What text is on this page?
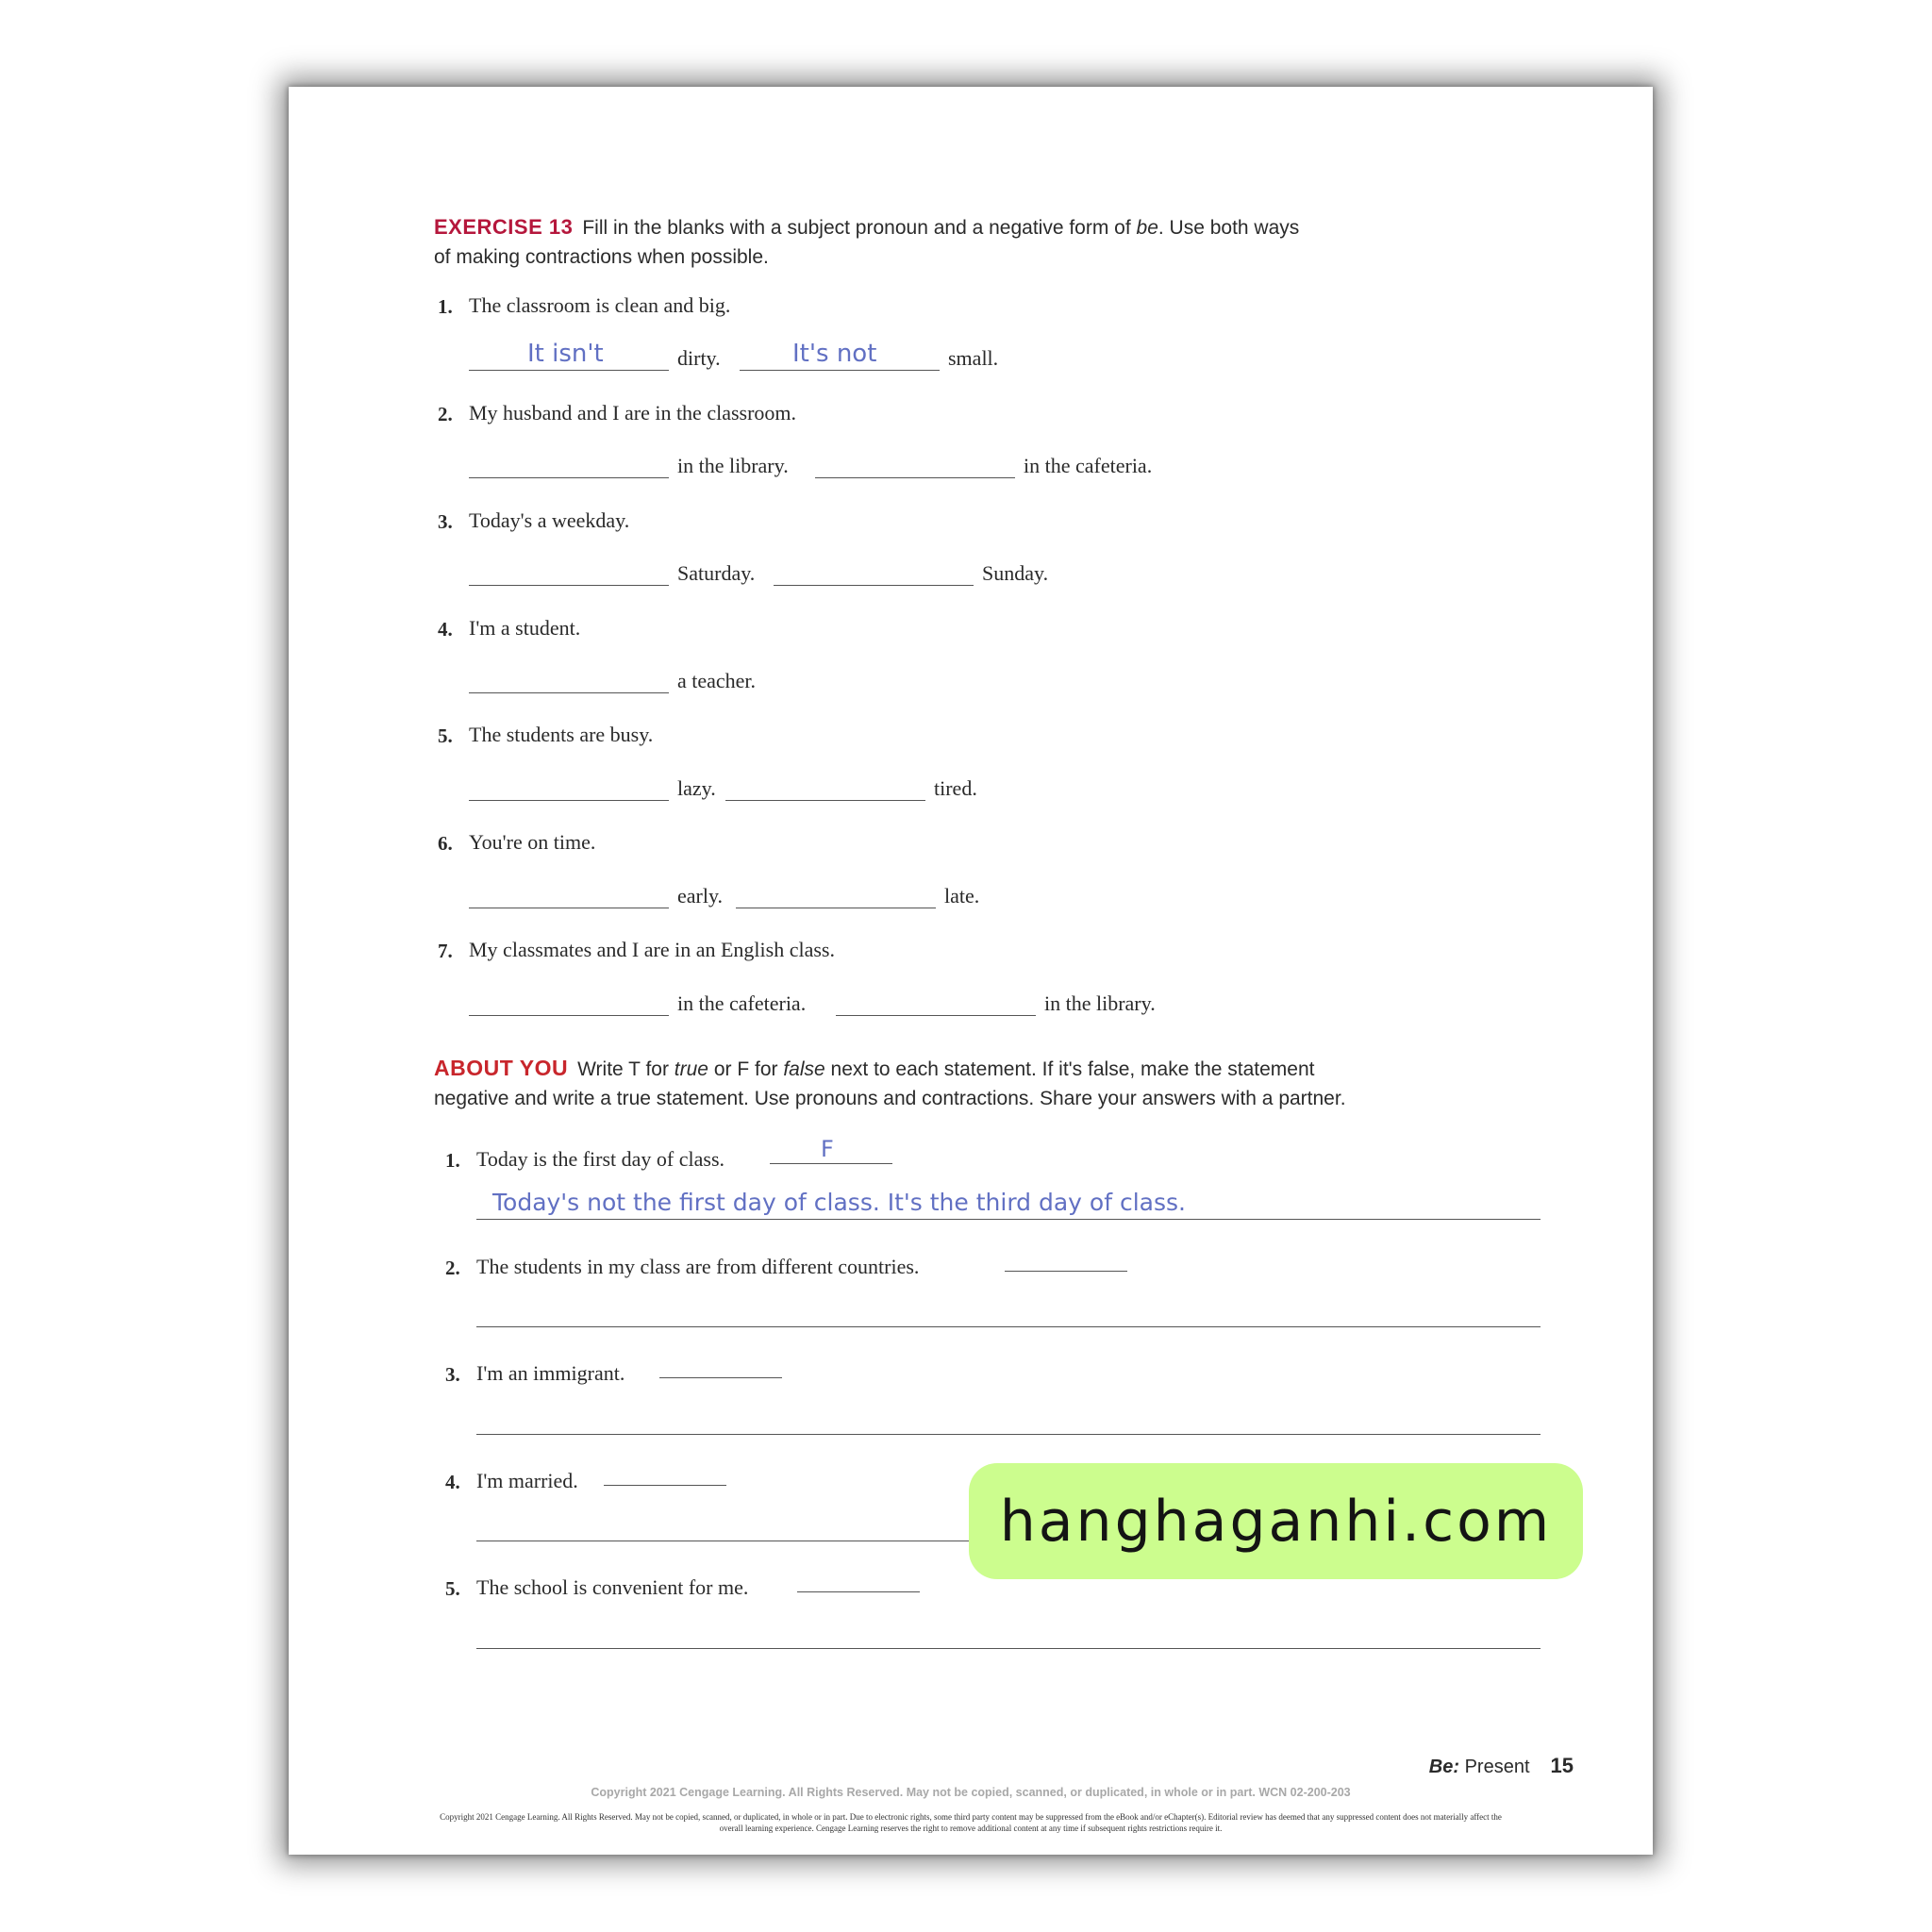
EXERCISE 13 Fill in the blanks with a subject pronoun and a negative form of be. Use both ways
of making contractions when possible.
1. The classroom is clean and big.
It isn't	dirty.	It's not	small.
2. My husband and I are in the classroom.
in the library.	in the cafeteria.
3. Today's a weekday.
Saturday.	Sunday.
4. I'm a student.
a teacher.
5. The students are busy.
lazy.	tired.
6. You're on time.
early.	late.
7. My classmates and I are in an English class.
in the cafeteria.	in the library.
ABOUT YOU Write T for true or F for false next to each statement. If it's false, make the statement
negative and write a true statement. Use pronouns and contractions. Share your answers with a partner.
1. Today is the first day of class.	F
Today's not the first day of class. It's the third day of class.
2. The students in my class are from different countries.
3. I'm an immigrant.
4. I'm married.
5. The school is convenient for me.
Be: Present 15
Copyright 2021 Cengage Learning. All Rights Reserved. May not be copied, scanned, or duplicated, in whole or in part. WCN 02-200-203
Copyright 2021 Cengage Learning. All Rights Reserved. May not be copied, scanned, or duplicated, in whole or in part. Due to electronic rights, some third party content may be suppressed from the eBook and/or eChapter(s). Editorial review has deemed that any suppressed content does not materially affect the overall learning experience. Cengage Learning reserves the right to remove additional content at any time if subsequent rights restrictions require it.
hanghaganhi.com
